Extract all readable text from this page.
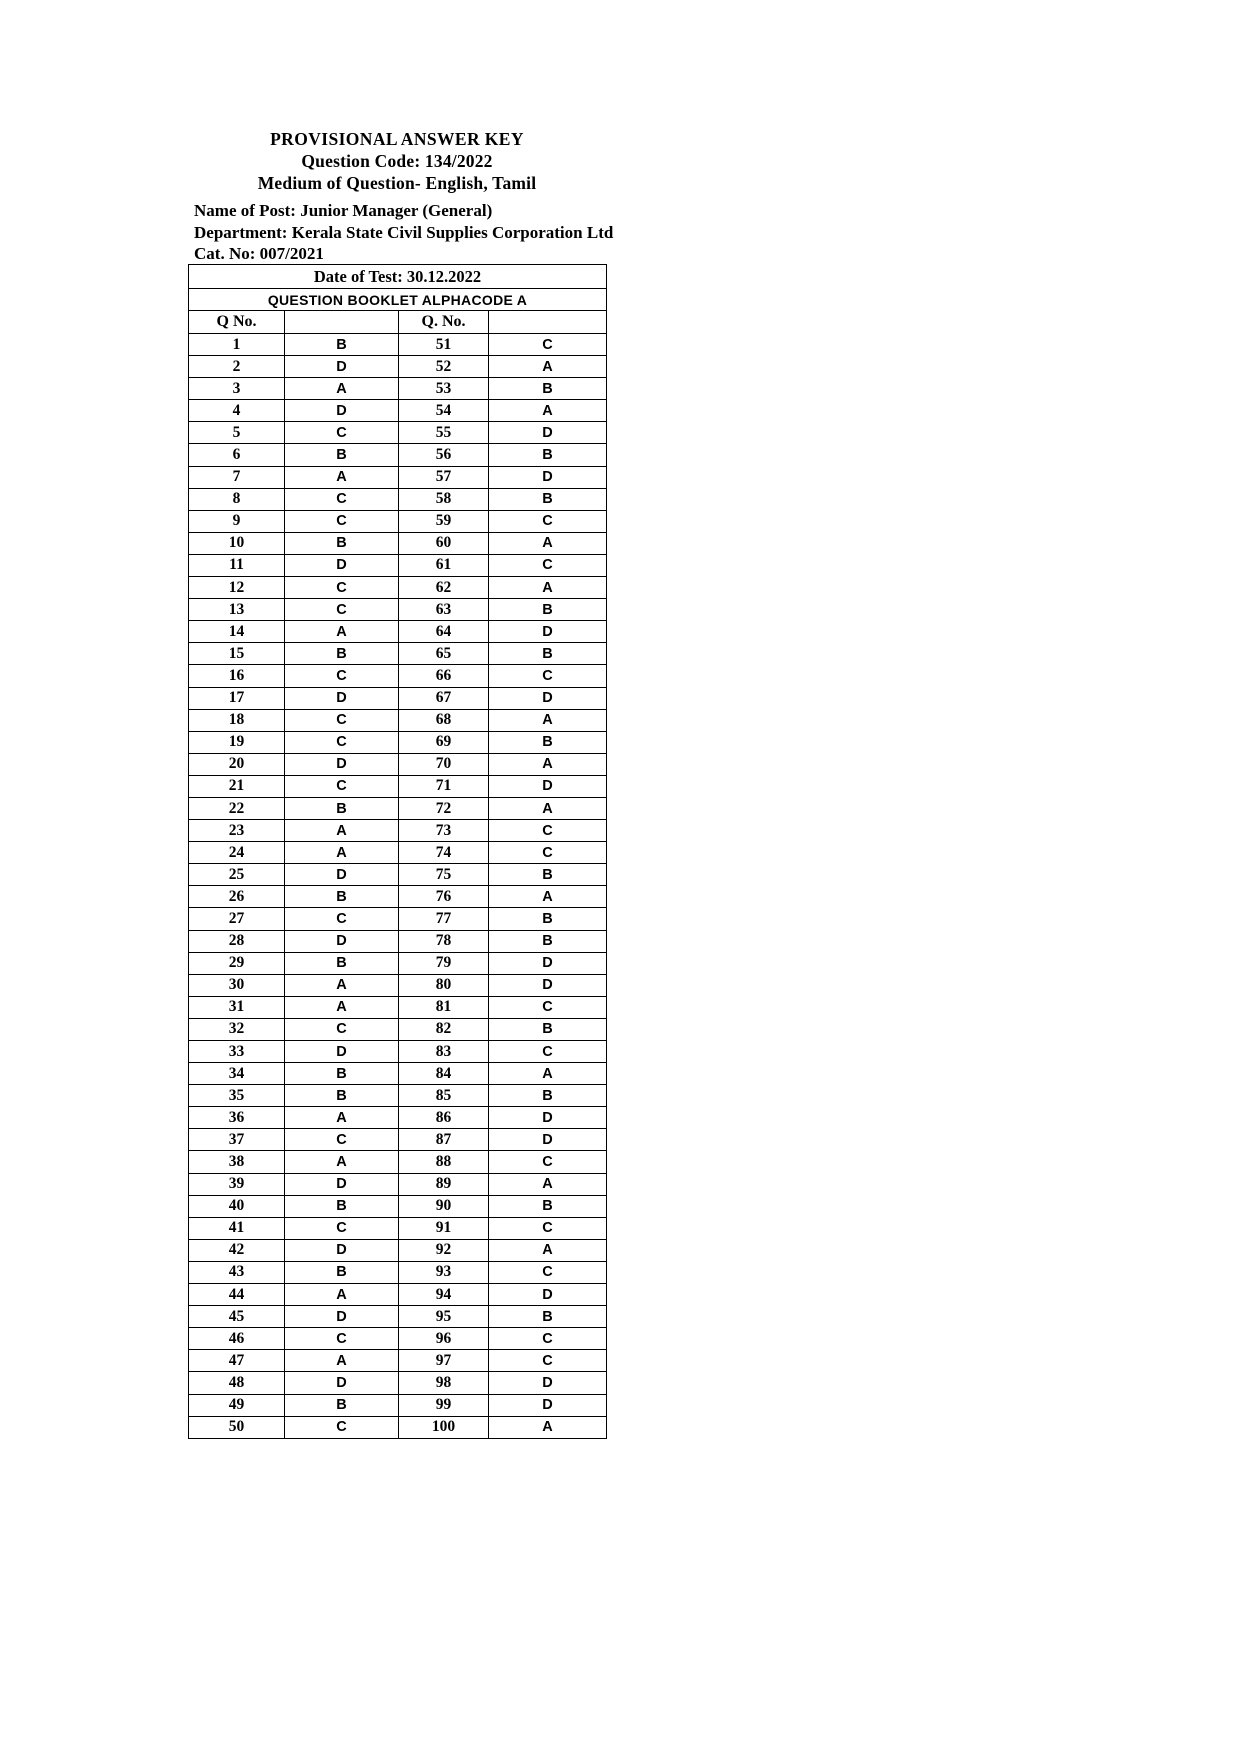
PROVISIONAL ANSWER KEY
Question Code: 134/2022
Medium of Question- English, Tamil
Name of Post: Junior Manager (General)
Department: Kerala State Civil Supplies Corporation Ltd
Cat. No: 007/2021
Date of Test: 30.12.2022			
QUESTION BOOKLET ALPHACODE A			
Q No.		Q. No.	
1	B	51	C
2	D	52	A
3	A	53	B
4	D	54	A
5	C	55	D
6	B	56	B
7	A	57	D
8	C	58	B
9	C	59	C
10	B	60	A
11	D	61	C
12	C	62	A
13	C	63	B
14	A	64	D
15	B	65	B
16	C	66	C
17	D	67	D
18	C	68	A
19	C	69	B
20	D	70	A
21	C	71	D
22	B	72	A
23	A	73	C
24	A	74	C
25	D	75	B
26	B	76	A
27	C	77	B
28	D	78	B
29	B	79	D
30	A	80	D
31	A	81	C
32	C	82	B
33	D	83	C
34	B	84	A
35	B	85	B
36	A	86	D
37	C	87	D
38	A	88	C
39	D	89	A
40	B	90	B
41	C	91	C
42	D	92	A
43	B	93	C
44	A	94	D
45	D	95	B
46	C	96	C
47	A	97	C
48	D	98	D
49	B	99	D
50	C	100	A
